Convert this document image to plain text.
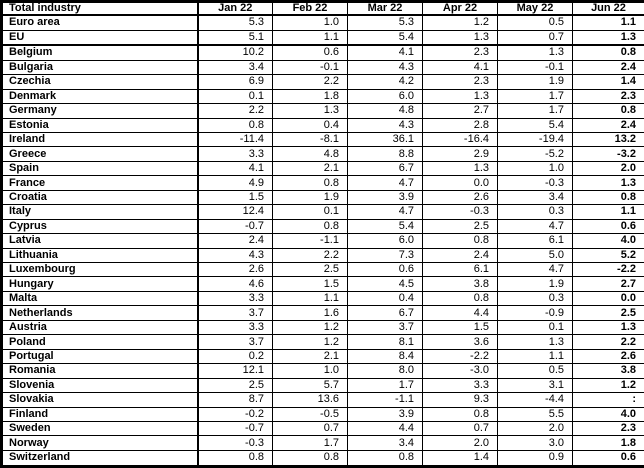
Total industry	Jan 22	Feb 22	Mar 22	Apr 22	May 22	Jun 22
Euro area	5.3	1.0	5.3	1.2	0.5	1.1
EU	5.1	1.1	5.4	1.3	0.7	1.3
Belgium	10.2	0.6	4.1	2.3	1.3	0.8
Bulgaria	3.4	-0.1	4.3	4.1	-0.1	2.4
Czechia	6.9	2.2	4.2	2.3	1.9	1.4
Denmark	0.1	1.8	6.0	1.3	1.7	2.3
Germany	2.2	1.3	4.8	2.7	1.7	0.8
Estonia	0.8	0.4	4.3	2.8	5.4	2.4
Ireland	-11.4	-8.1	36.1	-16.4	-19.4	13.2
Greece	3.3	4.8	8.8	2.9	-5.2	-3.2
Spain	4.1	2.1	6.7	1.3	1.0	2.0
France	4.9	0.8	4.7	0.0	-0.3	1.3
Croatia	1.5	1.9	3.9	2.6	3.4	0.8
Italy	12.4	0.1	4.7	-0.3	0.3	1.1
Cyprus	-0.7	0.8	5.4	2.5	4.7	0.6
Latvia	2.4	-1.1	6.0	0.8	6.1	4.0
Lithuania	4.3	2.2	7.3	2.4	5.0	5.2
Luxembourg	2.6	2.5	0.6	6.1	4.7	-2.2
Hungary	4.6	1.5	4.5	3.8	1.9	2.7
Malta	3.3	1.1	0.4	0.8	0.3	0.0
Netherlands	3.7	1.6	6.7	4.4	-0.9	2.5
Austria	3.3	1.2	3.7	1.5	0.1	1.3
Poland	3.7	1.2	8.1	3.6	1.3	2.2
Portugal	0.2	2.1	8.4	-2.2	1.1	2.6
Romania	12.1	1.0	8.0	-3.0	0.5	3.8
Slovenia	2.5	5.7	1.7	3.3	3.1	1.2
Slovakia	8.7	13.6	-1.1	9.3	-4.4	:
Finland	-0.2	-0.5	3.9	0.8	5.5	4.0
Sweden	-0.7	0.7	4.4	0.7	2.0	2.3
Norway	-0.3	1.7	3.4	2.0	3.0	1.8
Switzerland	0.8	0.8	0.8	1.4	0.9	0.6
